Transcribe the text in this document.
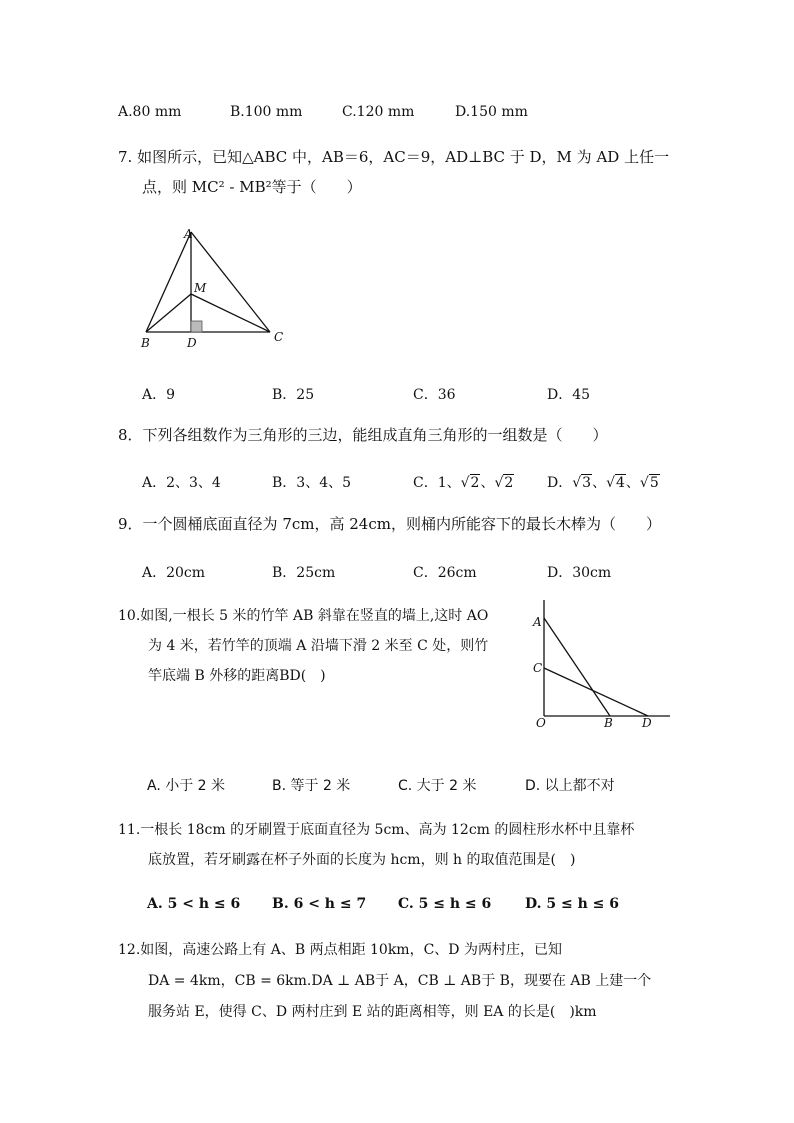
A.80 mm	B.100 mm	C.120 mm	D.150 mm
7. 如图所示，已知△ABC 中，AB＝6，AC＝9，AD⊥BC 于 D，M 为 AD 上任一
点，则 MC² - MB²等于（　　）
A
M
B	D	C
A．9	B．25	C．36	D．45
8．下列各组数作为三角形的三边，能组成直角三角形的一组数是（　　）
A．2、3、4	B．3、4、5	C．1、√2、√2 D．√3、√4、√5
9．一个圆桶底面直径为 7cm，高 24cm，则桶内所能容下的最长木棒为（　　）
A．20cm	B．25cm	C．26cm	D．30cm
10.如图,一根长 5 米的竹竿 AB 斜靠在竖直的墙上,这时 AO
为 4 米，若竹竿的顶端 A 沿墙下滑 2 米至 C 处，则竹
竿底端 B 外移的距离BD(　)
A
C
O	B D
A. 小于 2 米	B. 等于 2 米	C. 大于 2 米	D. 以上都不对
11.一根长 18cm 的牙刷置于底面直径为 5cm、高为 12cm 的圆柱形水杯中且靠杯
底放置，若牙刷露在杯子外面的长度为 hcm，则 h 的取值范围是(　)
A. 5 < h ≤ 6 B. 6 < h ≤ 7 C. 5 ≤ h ≤ 6 D. 5 ≤ h ≤ 6
12.如图，高速公路上有 A、B 两点相距 10km，C、D 为两村庄，已知
DA = 4km，CB = 6km.DA ⊥ AB于 A，CB ⊥ AB于 B，现要在 AB 上建一个
服务站 E，使得 C、D 两村庄到 E 站的距离相等，则 EA 的长是(　)km
